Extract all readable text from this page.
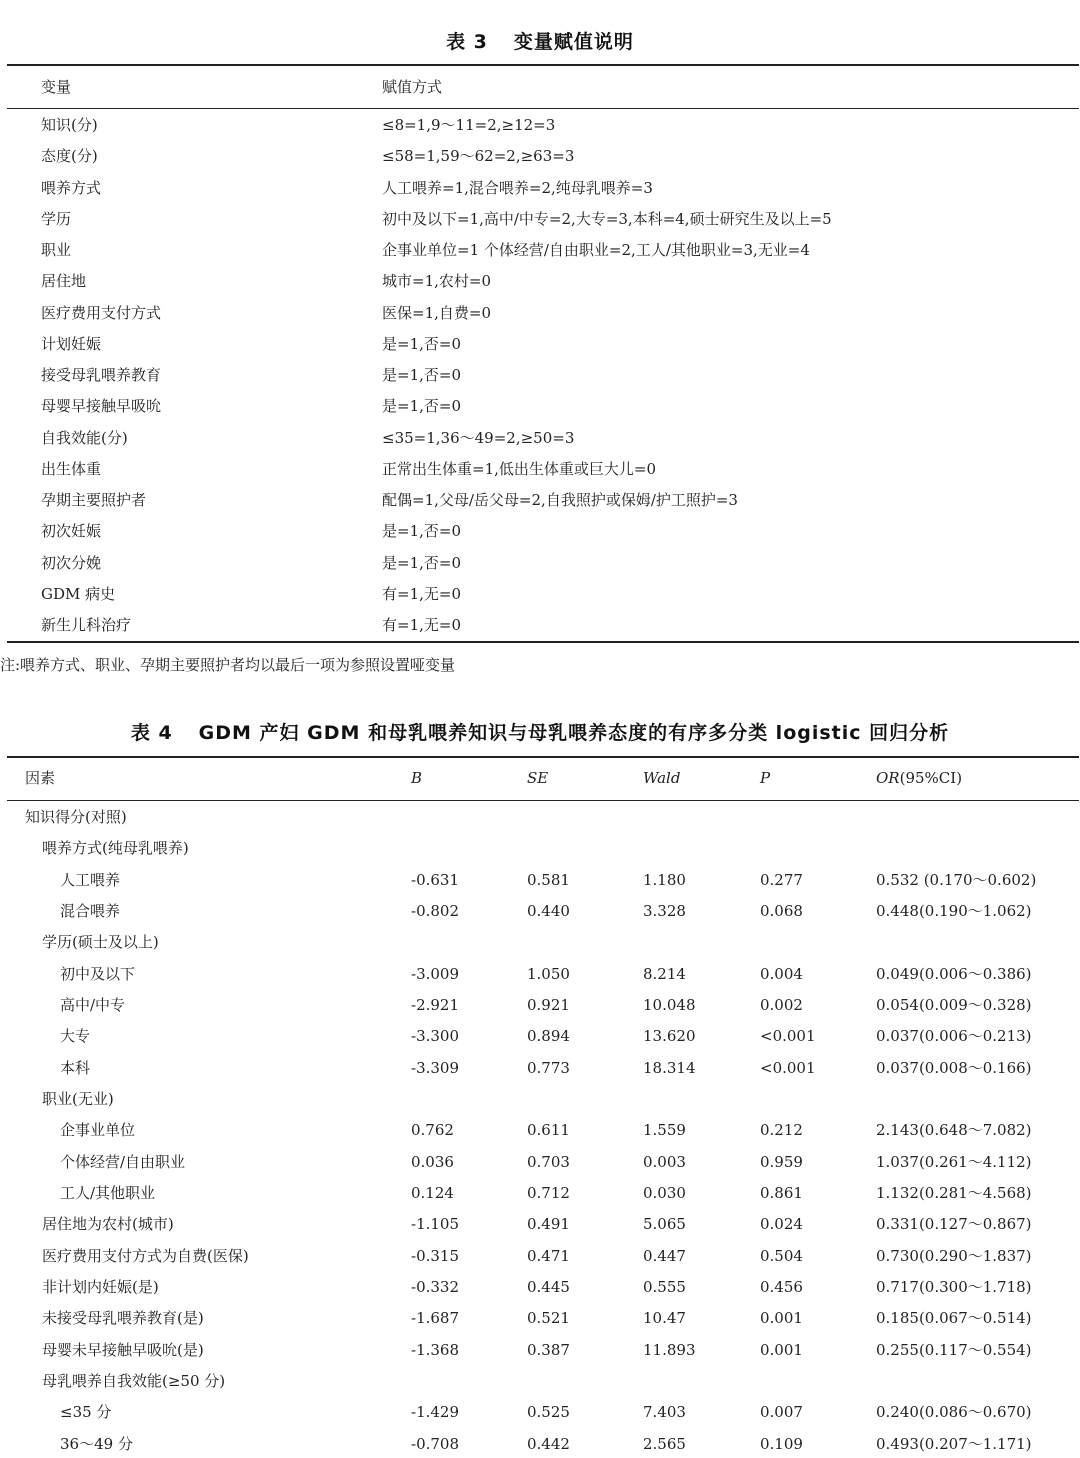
表 3 变量赋值说明
变量	赋值方式
知识(分)	≤8=1,9～11=2,≥12=3
态度(分)	≤58=1,59～62=2,≥63=3
喂养方式	人工喂养=1,混合喂养=2,纯母乳喂养=3
学历	初中及以下=1,高中/中专=2,大专=3,本科=4,硕士研究生及以上=5
职业	企事业单位=1 个体经营/自由职业=2,工人/其他职业=3,无业=4
居住地	城市=1,农村=0
医疗费用支付方式	医保=1,自费=0
计划妊娠	是=1,否=0
接受母乳喂养教育	是=1,否=0
母婴早接触早吸吮	是=1,否=0
自我效能(分)	≤35=1,36～49=2,≥50=3
出生体重	正常出生体重=1,低出生体重或巨大儿=0
孕期主要照护者	配偶=1,父母/岳父母=2,自我照护或保姆/护工照护=3
初次妊娠	是=1,否=0
初次分娩	是=1,否=0
GDM 病史	有=1,无=0
新生儿科治疗	有=1,无=0
注:喂养方式、职业、孕期主要照护者均以最后一项为参照设置哑变量
表 4 GDM 产妇 GDM 和母乳喂养知识与母乳喂养态度的有序多分类 logistic 回归分析
因素	B	SE	Wald	P	OR(95%CI)
知识得分(对照)
喂养方式(纯母乳喂养)
人工喂养	-0.631	0.581	1.180	0.277	0.532 (0.170～0.602)
混合喂养	-0.802	0.440	3.328	0.068	0.448(0.190～1.062)
学历(硕士及以上)
初中及以下	-3.009	1.050	8.214	0.004	0.049(0.006～0.386)
高中/中专	-2.921	0.921	10.048	0.002	0.054(0.009～0.328)
大专	-3.300	0.894	13.620	<0.001	0.037(0.006～0.213)
本科	-3.309	0.773	18.314	<0.001	0.037(0.008～0.166)
职业(无业)
企事业单位	0.762	0.611	1.559	0.212	2.143(0.648～7.082)
个体经营/自由职业	0.036	0.703	0.003	0.959	1.037(0.261～4.112)
工人/其他职业	0.124	0.712	0.030	0.861	1.132(0.281～4.568)
居住地为农村(城市)	-1.105	0.491	5.065	0.024	0.331(0.127～0.867)
医疗费用支付方式为自费(医保)	-0.315	0.471	0.447	0.504	0.730(0.290～1.837)
非计划内妊娠(是)	-0.332	0.445	0.555	0.456	0.717(0.300～1.718)
未接受母乳喂养教育(是)	-1.687	0.521	10.47	0.001	0.185(0.067～0.514)
母婴未早接触早吸吮(是)	-1.368	0.387	11.893	0.001	0.255(0.117～0.554)
母乳喂养自我效能(≥50 分)
≤35 分	-1.429	0.525	7.403	0.007	0.240(0.086～0.670)
36～49 分	-0.708	0.442	2.565	0.109	0.493(0.207～1.171)
